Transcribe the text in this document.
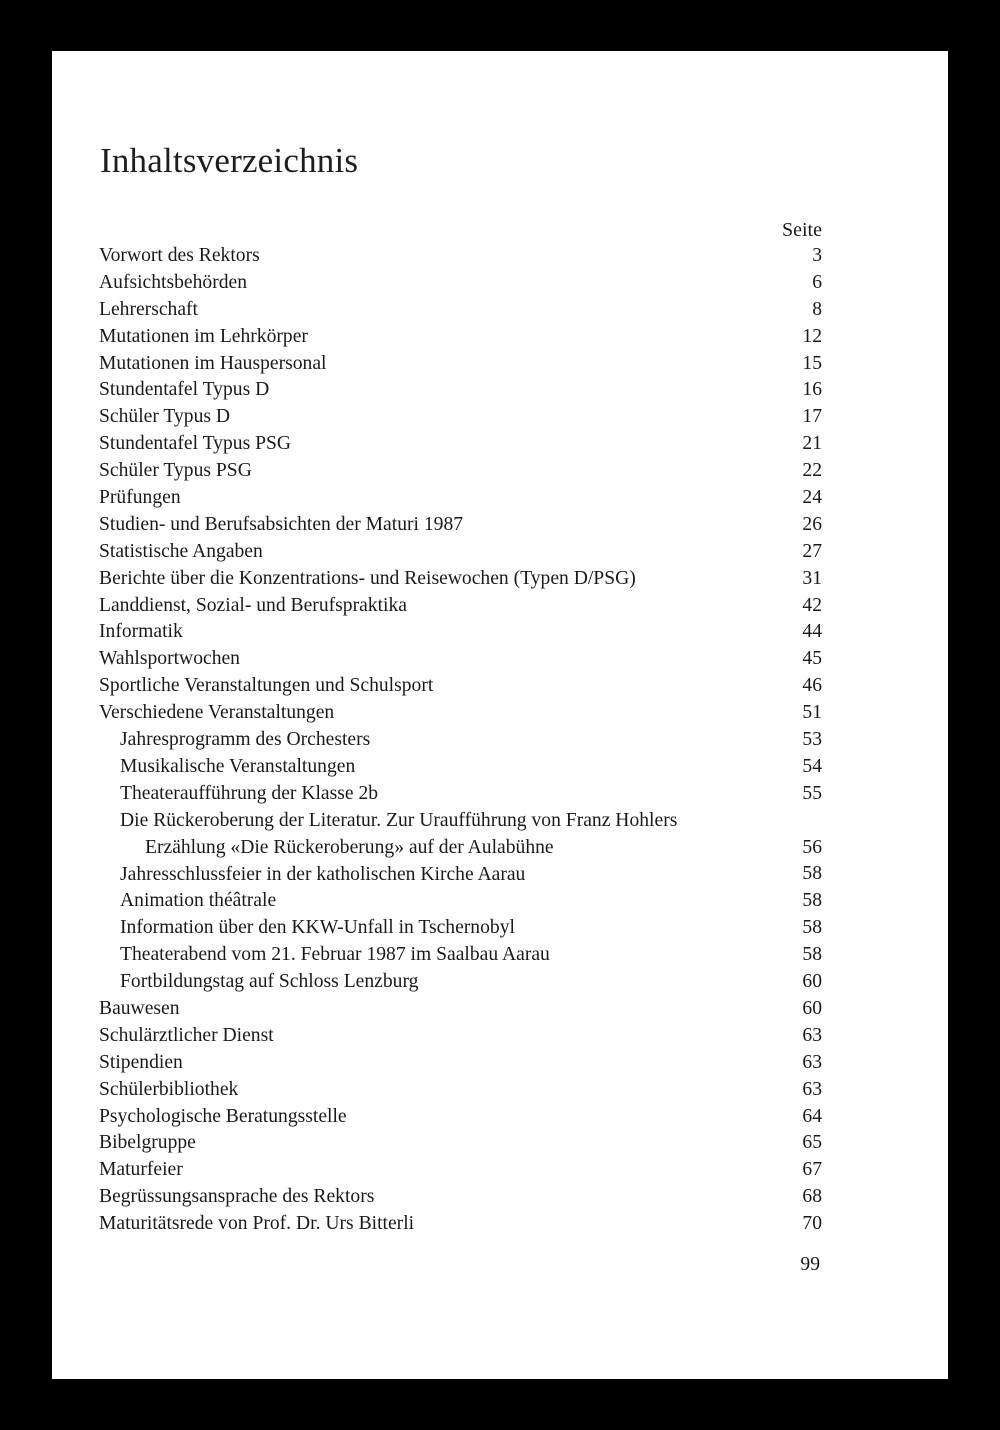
Inhaltsverzeichnis
Seite
Vorwort des Rektors	3
Aufsichtsbehörden	6
Lehrerschaft	8
Mutationen im Lehrkörper	12
Mutationen im Hauspersonal	15
Stundentafel Typus D	16
Schüler Typus D	17
Stundentafel Typus PSG	21
Schüler Typus PSG	22
Prüfungen	24
Studien- und Berufsabsichten der Maturi 1987	26
Statistische Angaben	27
Berichte über die Konzentrations- und Reisewochen (Typen D/PSG)	31
Landdienst, Sozial- und Berufspraktika	42
Informatik	44
Wahlsportwochen	45
Sportliche Veranstaltungen und Schulsport	46
Verschiedene Veranstaltungen	51
Jahresprogramm des Orchesters	53
Musikalische Veranstaltungen	54
Theateraufführung der Klasse 2b	55
Die Rückeroberung der Literatur. Zur Uraufführung von Franz Hohlers
Erzählung «Die Rückeroberung» auf der Aulabühne	56
Jahresschlussfeier in der katholischen Kirche Aarau	58
Animation théâtrale	58
Information über den KKW-Unfall in Tschernobyl	58
Theaterabend vom 21. Februar 1987 im Saalbau Aarau	58
Fortbildungstag auf Schloss Lenzburg	60
Bauwesen	60
Schulärztlicher Dienst	63
Stipendien	63
Schülerbibliothek	63
Psychologische Beratungsstelle	64
Bibelgruppe	65
Maturfeier	67
Begrüssungsansprache des Rektors	68
Maturitätsrede von Prof. Dr. Urs Bitterli	70
99
